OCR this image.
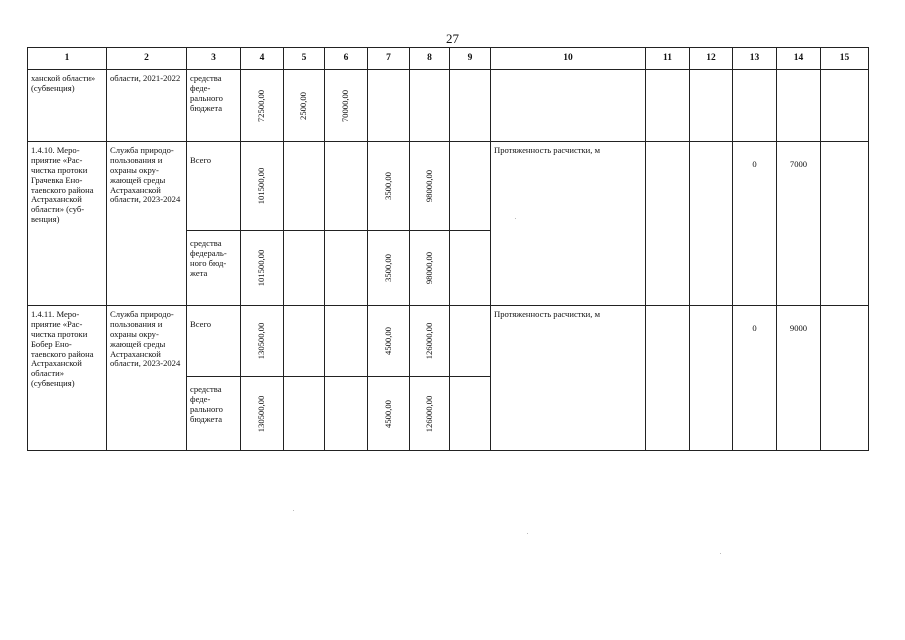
27
1	2	3	4	5	6	7	8	9	10	11	12	13	14	15

ханской области» (субвенция)	области, 2021-2022	средства феде-рального бюджета	72500,00	2500,00	70000,00									

1.4.10. Меро-приятие «Рас-чистка протоки Грачевка Ено-таевского района Астраханской области» (суб-венция)	Служба природо-пользования и охраны окру-жающей среды Астраханской области, 2023-2024	Всего	101500,00			3500,00	98000,00		Протяженность расчистки, м			0	7000	

		средства федераль-ного бюд-жета	101500,00			3500,00	98000,00							

1.4.11. Меро-приятие «Рас-чистка протоки Бобер Ено-таевского района Астраханской области» (субвенция)	Служба природо-пользования и охраны окру-жающей среды Астраханской области, 2023-2024	Всего	130500,00			4500,00	126000,00		Протяженность расчистки, м			0	9000	

		средства феде-рального бюджета	130500,00			4500,00	126000,00							
